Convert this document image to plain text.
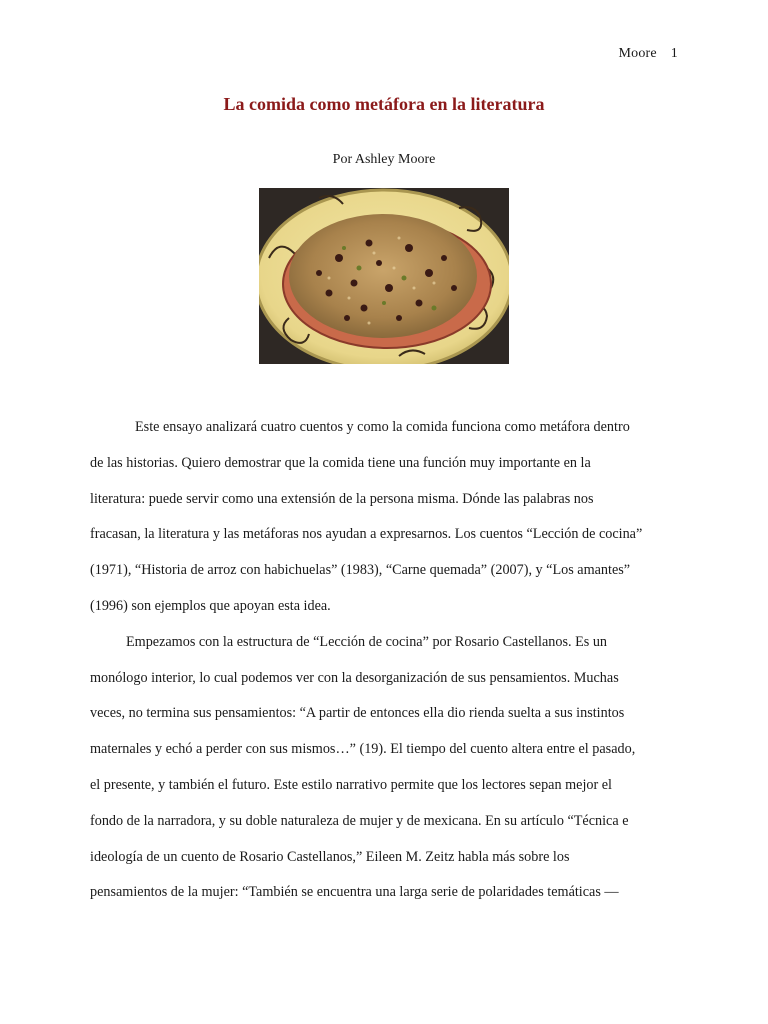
Moore 1
La comida como metáfora en la literatura
Por Ashley Moore

Este ensayo analizará cuatro cuentos y como la comida funciona como metáfora dentro
de las historias. Quiero demostrar que la comida tiene una función muy importante en la
literatura: puede servir como una extensión de la persona misma. Dónde las palabras nos
fracasan, la literatura y las metáforas nos ayudan a expresarnos. Los cuentos “Lección de cocina”
(1971), “Historia de arroz con habichuelas” (1983), “Carne quemada” (2007), y “Los amantes”
(1996) son ejemplos que apoyan esta idea.

Empezamos con la estructura de “Lección de cocina” por Rosario Castellanos. Es un
monólogo interior, lo cual podemos ver con la desorganización de sus pensamientos. Muchas
veces, no termina sus pensamientos: “A partir de entonces ella dio rienda suelta a sus instintos
maternales y echó a perder con sus mismos…” (19). El tiempo del cuento altera entre el pasado,
el presente, y también el futuro. Este estilo narrativo permite que los lectores sepan mejor el
fondo de la narradora, y su doble naturaleza de mujer y de mexicana. En su artículo “Técnica e
ideología de un cuento de Rosario Castellanos,” Eileen M. Zeitz habla más sobre los
pensamientos de la mujer: “También se encuentra una larga serie de polaridades temáticas —
